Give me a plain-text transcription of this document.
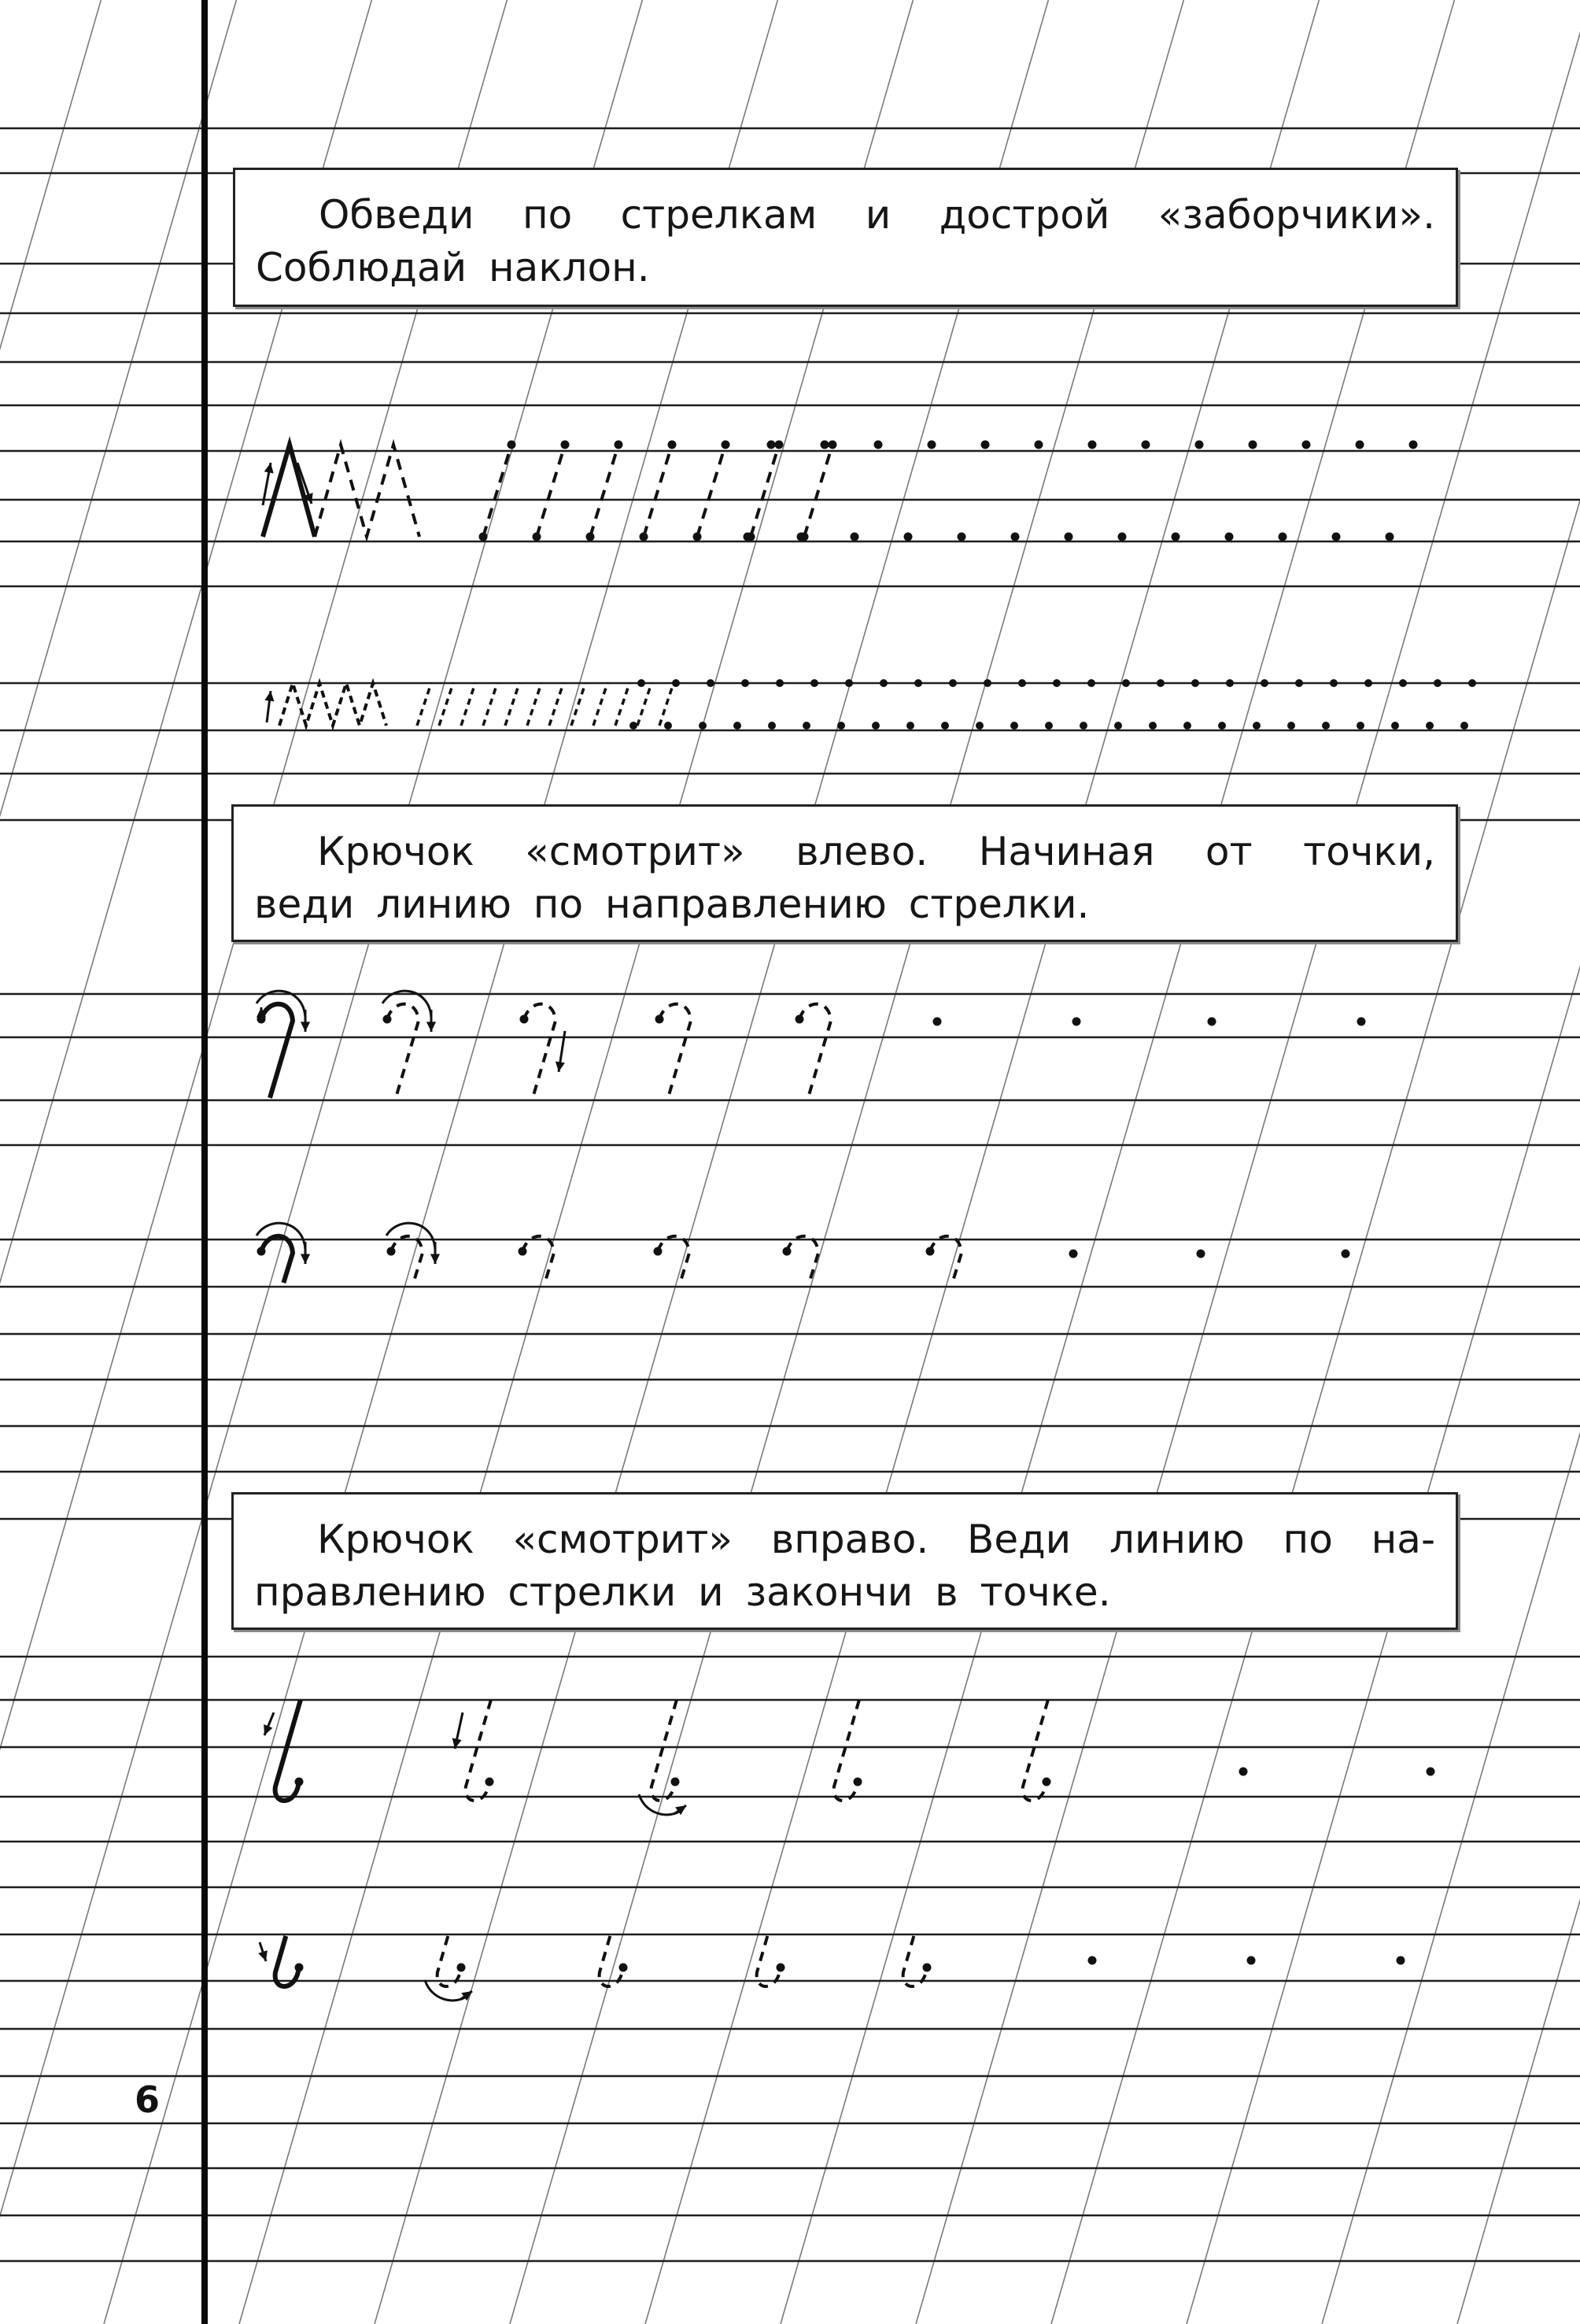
Обведи по стрелкам и дострой «заборчики».
Соблюдай наклон.
Крючок «смотрит» влево. Начиная от точки,
веди линию по направлению стрелки.
Крючок «смотрит» вправо. Веди линию по на-
правлению стрелки и закончи в точке.
6
